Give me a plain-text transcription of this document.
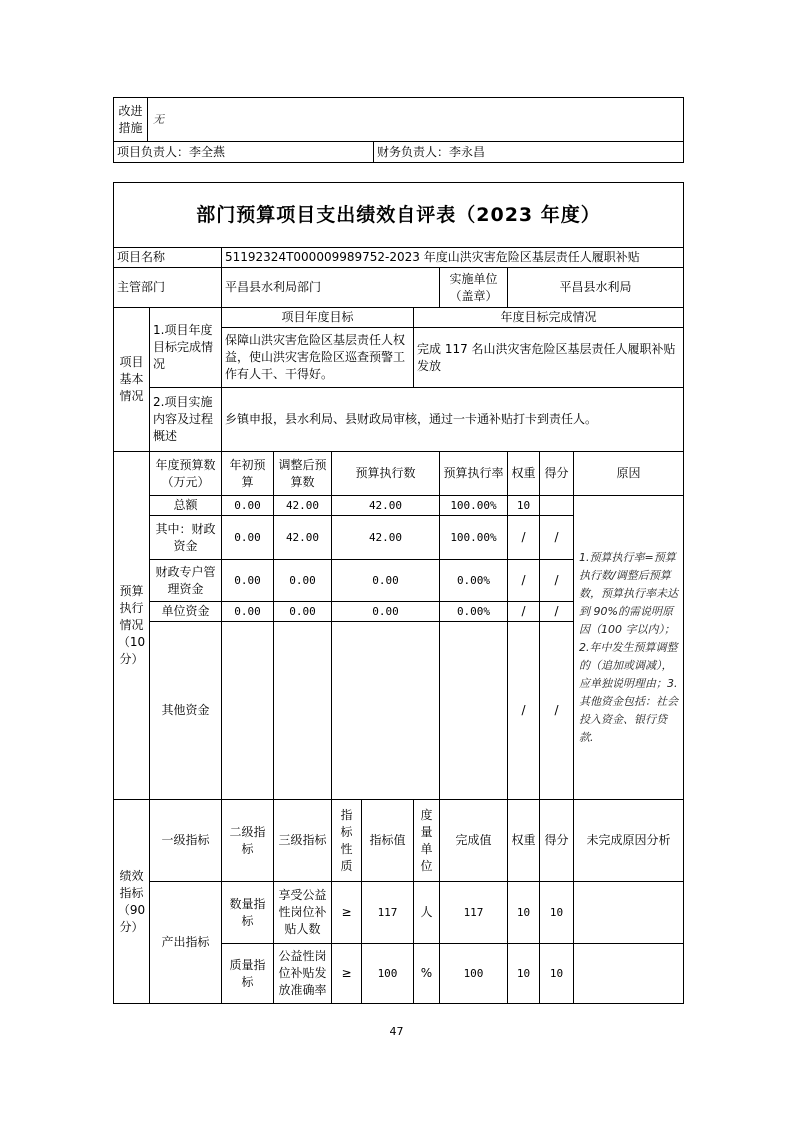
改进措施	无	
项目负责人：李全燕		财务负责人：李永昌
部门预算项目支出绩效自评表（2023 年度）										
项目名称		51192324T000009989752-2023 年度山洪灾害危险区基层责任人履职补贴								
主管部门		平昌县水利局部门					实施单位（盖章）	平昌县水利局		
项目基本情况	1.项目年度目标完成情况	项目年度目标				年度目标完成情况				
		保障山洪灾害危险区基层责任人权益，使山洪灾害危险区巡查预警工作有人干、干得好。				完成 117 名山洪灾害危险区基层责任人履职补贴发放				
	2.项目实施内容及过程概述	乡镇申报，县水利局、县财政局审核，通过一卡通补贴打卡到责任人。								
预算执行情况（10分）	年度预算数（万元）	年初预算	调整后预算数	预算执行数			预算执行率	权重	得分	原因
	总额	0.00	42.00	42.00			100.00%	10		1.预算执行率=预算执行数/调整后预算数，预算执行率未达到 90%的需说明原因（100 字以内）；2.年中发生预算调整的（追加或调减），应单独说明理由；3.其他资金包括：社会投入资金、银行贷款.
	其中：财政资金	0.00	42.00	42.00			100.00%	/	/	
	财政专户管理资金	0.00	0.00	0.00			0.00%	/	/	
	单位资金	0.00	0.00	0.00			0.00%	/	/	
	其他资金							/	/	
绩效指标（90分）	一级指标	二级指标	三级指标	指标性质	指标值	度量单位	完成值	权重	得分	未完成原因分析
	产出指标	数量指标	享受公益性岗位补贴人数	≥	117	人	117	10	10	
		质量指标	公益性岗位补贴发放准确率	≥	100	%	100	10	10	
47
